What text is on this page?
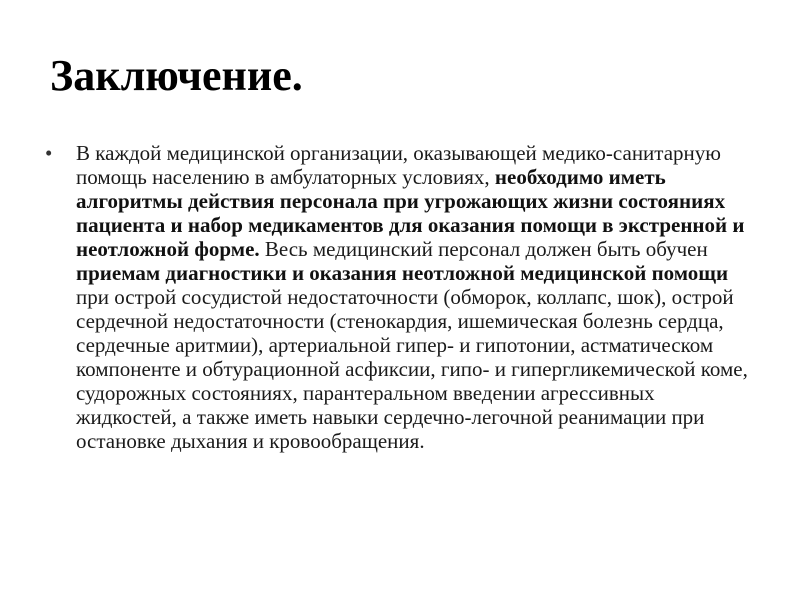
Заключение.
• В каждой медицинской организации, оказывающей медико-санитарную помощь населению в амбулаторных условиях, необходимо иметь алгоритмы действия персонала при угрожающих жизни состояниях пациента и набор медикаментов для оказания помощи в экстренной и неотложной форме. Весь медицинский персонал должен быть обучен приемам диагностики и оказания неотложной медицинской помощи при острой сосудистой недостаточности (обморок, коллапс, шок), острой сердечной недостаточности (стенокардия, ишемическая болезнь сердца, сердечные аритмии), артериальной гипер- и гипотонии, астматическом компоненте и обтурационной асфиксии, гипо- и гипергликемической коме, судорожных состояниях, парантеральном введении агрессивных жидкостей, а также иметь навыки сердечно-легочной реанимации при остановке дыхания и кровообращения.
